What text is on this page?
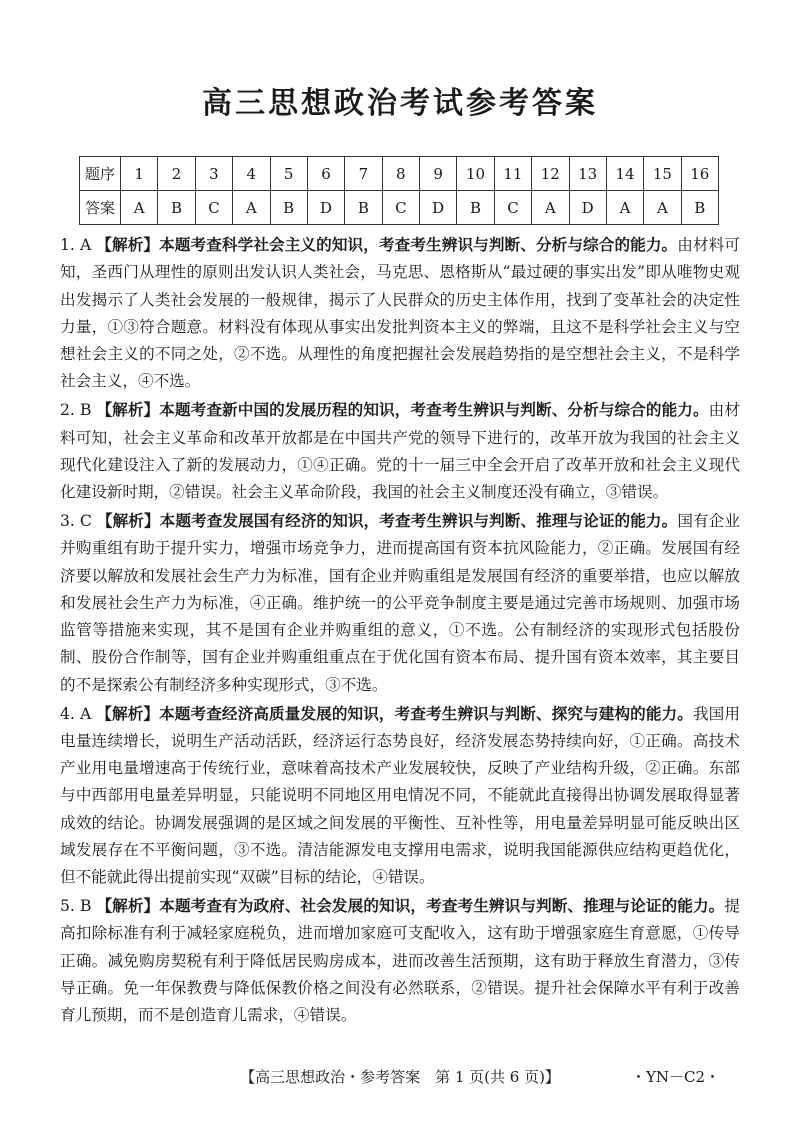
高三思想政治考试参考答案
题序	1	2	3	4	5	6	7	8	9	10	11	12	13	14	15	16
答案	A	B	C	A	B	D	B	C	D	B	C	A	D	A	A	B

1. A 【解析】本题考查科学社会主义的知识，考查考生辨识与判断、分析与综合的能力。由材料可知，圣西门从理性的原则出发认识人类社会，马克思、恩格斯从“最过硬的事实出发”即从唯物史观出发揭示了人类社会发展的一般规律，揭示了人民群众的历史主体作用，找到了变革社会的决定性力量，①③符合题意。材料没有体现从事实出发批判资本主义的弊端，且这不是科学社会主义与空想社会主义的不同之处，②不选。从理性的角度把握社会发展趋势指的是空想社会主义，不是科学社会主义，④不选。

2. B 【解析】本题考查新中国的发展历程的知识，考查考生辨识与判断、分析与综合的能力。由材料可知，社会主义革命和改革开放都是在中国共产党的领导下进行的，改革开放为我国的社会主义现代化建设注入了新的发展动力，①④正确。党的十一届三中全会开启了改革开放和社会主义现代化建设新时期，②错误。社会主义革命阶段，我国的社会主义制度还没有确立，③错误。

3. C 【解析】本题考查发展国有经济的知识，考查考生辨识与判断、推理与论证的能力。国有企业并购重组有助于提升实力，增强市场竞争力，进而提高国有资本抗风险能力，②正确。发展国有经济要以解放和发展社会生产力为标准，国有企业并购重组是发展国有经济的重要举措，也应以解放和发展社会生产力为标准，④正确。维护统一的公平竞争制度主要是通过完善市场规则、加强市场监管等措施来实现，其不是国有企业并购重组的意义，①不选。公有制经济的实现形式包括股份制、股份合作制等，国有企业并购重组重点在于优化国有资本布局、提升国有资本效率，其主要目的不是探索公有制经济多种实现形式，③不选。

4. A 【解析】本题考查经济高质量发展的知识，考查考生辨识与判断、探究与建构的能力。我国用电量连续增长，说明生产活动活跃，经济运行态势良好，经济发展态势持续向好，①正确。高技术产业用电量增速高于传统行业，意味着高技术产业发展较快，反映了产业结构升级，②正确。东部与中西部用电量差异明显，只能说明不同地区用电情况不同，不能就此直接得出协调发展取得显著成效的结论。协调发展强调的是区域之间发展的平衡性、互补性等，用电量差异明显可能反映出区域发展存在不平衡问题，③不选。清洁能源发电支撑用电需求，说明我国能源供应结构更趋优化，但不能就此得出提前实现“双碳”目标的结论，④错误。

5. B 【解析】本题考查有为政府、社会发展的知识，考查考生辨识与判断、推理与论证的能力。提高扣除标准有利于减轻家庭税负，进而增加家庭可支配收入，这有助于增强家庭生育意愿，①传导正确。减免购房契税有利于降低居民购房成本，进而改善生活预期，这有助于释放生育潜力，③传导正确。免一年保教费与降低保教价格之间没有必然联系，②错误。提升社会保障水平有利于改善育儿预期，而不是创造育儿需求，④错误。

【高三思想政治・参考答案　第 1 页(共 6 页)】	・YN－C2・
